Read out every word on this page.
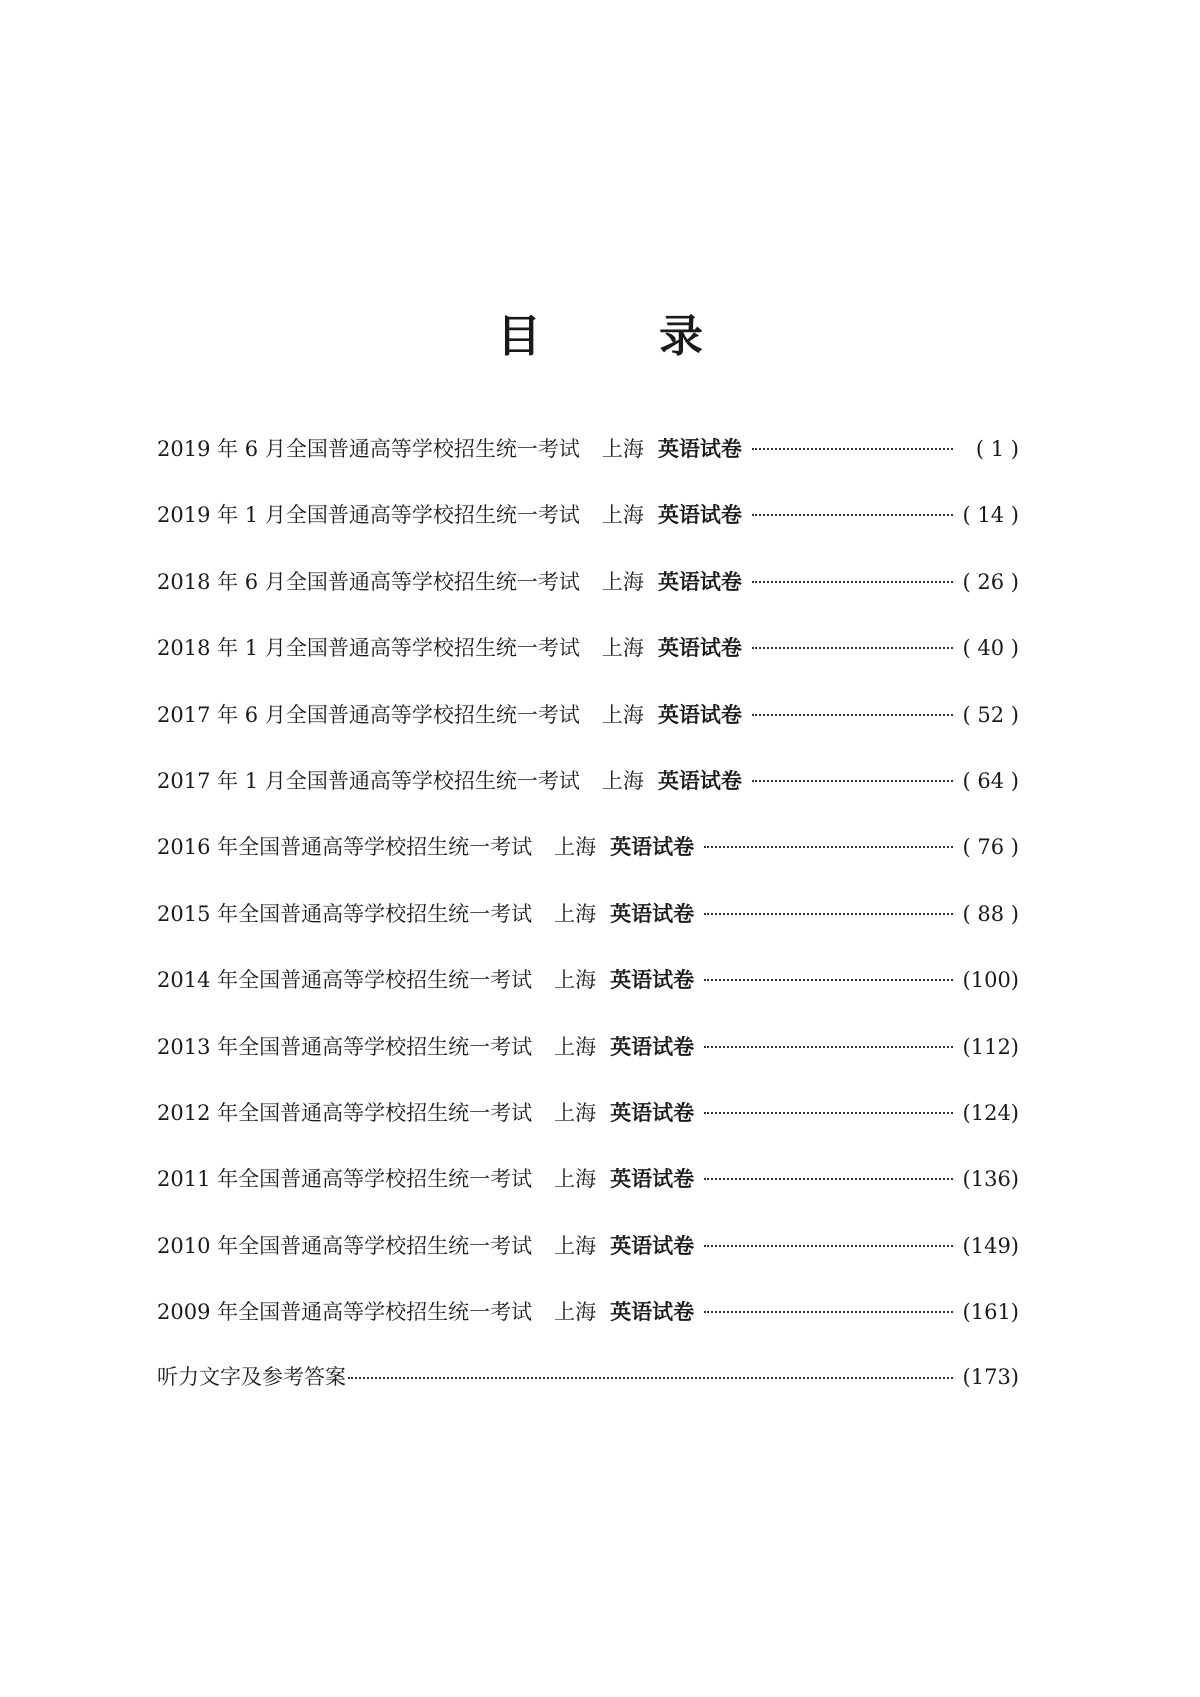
目	录
2019 年 6 月 全国普通高等学校招生统一考试 上海 英语试卷	( 1 )
2019 年 1 月 全国普通高等学校招生统一考试 上海 英语试卷	( 14 )
2018 年 6 月 全国普通高等学校招生统一考试 上海 英语试卷	( 26 )
2018 年 1 月 全国普通高等学校招生统一考试 上海 英语试卷	( 40 )
2017 年 6 月 全国普通高等学校招生统一考试 上海 英语试卷	( 52 )
2017 年 1 月 全国普通高等学校招生统一考试 上海 英语试卷	( 64 )
2016 年 全国普通高等学校招生统一考试 上海 英语试卷	( 76 )
2015 年 全国普通高等学校招生统一考试 上海 英语试卷	( 88 )
2014 年 全国普通高等学校招生统一考试 上海 英语试卷	(100)
2013 年 全国普通高等学校招生统一考试 上海 英语试卷	(112)
2012 年 全国普通高等学校招生统一考试 上海 英语试卷	(124)
2011 年 全国普通高等学校招生统一考试 上海 英语试卷	(136)
2010 年 全国普通高等学校招生统一考试 上海 英语试卷	(149)
2009 年 全国普通高等学校招生统一考试 上海 英语试卷	(161)
听力文字及参考答案	(173)
